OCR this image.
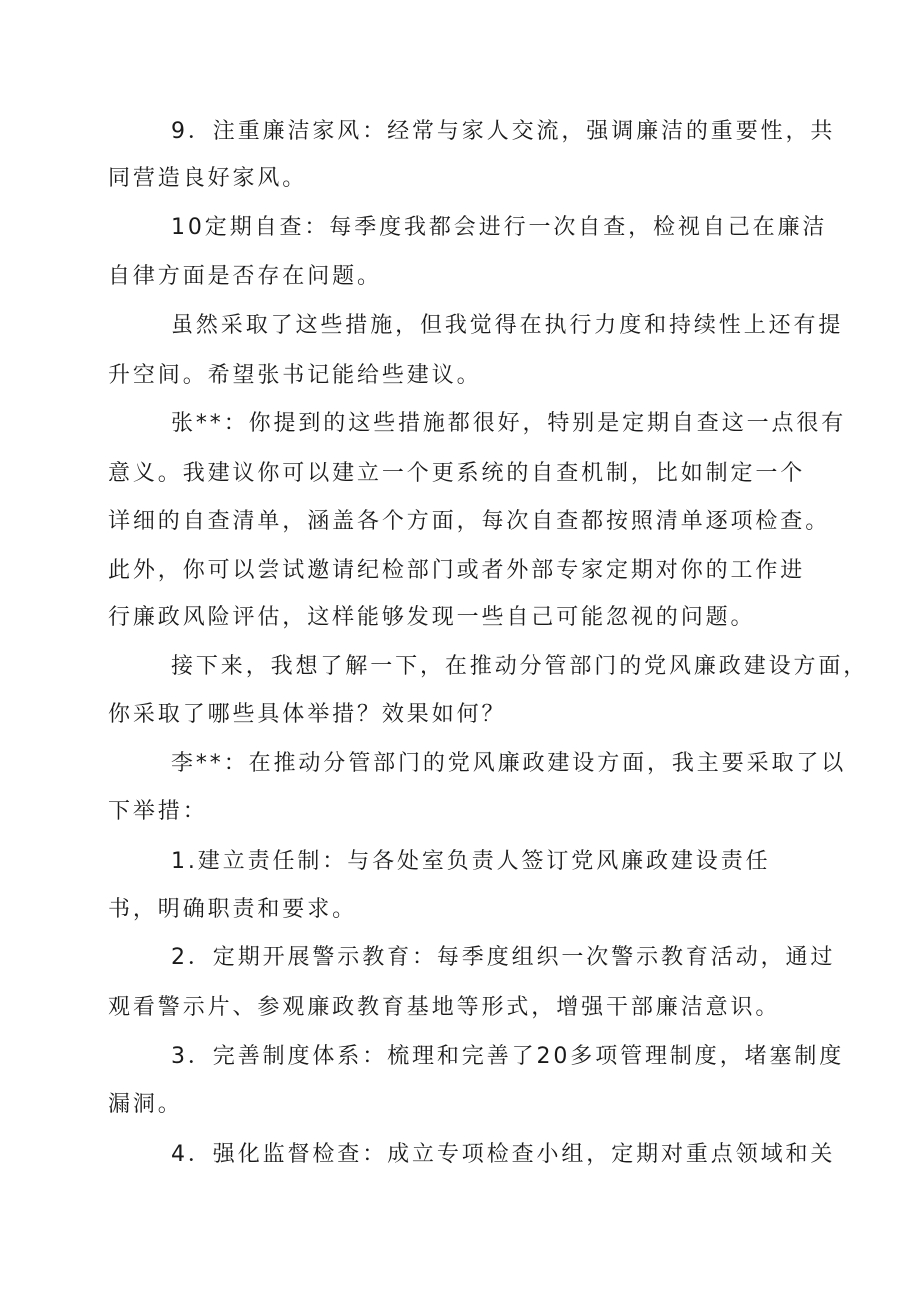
9．注重廉洁家风：经常与家人交流，强调廉洁的重要性，共
同营造良好家风。
10定期自查：每季度我都会进行一次自查，检视自己在廉洁
自律方面是否存在问题。
虽然采取了这些措施，但我觉得在执行力度和持续性上还有提
升空间。希望张书记能给些建议。
张**：你提到的这些措施都很好，特别是定期自查这一点很有
意义。我建议你可以建立一个更系统的自查机制，比如制定一个
详细的自查清单，涵盖各个方面，每次自查都按照清单逐项检查。
此外，你可以尝试邀请纪检部门或者外部专家定期对你的工作进
行廉政风险评估，这样能够发现一些自己可能忽视的问题。
接下来，我想了解一下，在推动分管部门的党风廉政建设方面，
你采取了哪些具体举措？效果如何？
李**：在推动分管部门的党风廉政建设方面，我主要采取了以
下举措：
1.建立责任制：与各处室负责人签订党风廉政建设责任
书，明确职责和要求。
2．定期开展警示教育：每季度组织一次警示教育活动，通过
观看警示片、参观廉政教育基地等形式，增强干部廉洁意识。
3．完善制度体系：梳理和完善了20多项管理制度，堵塞制度
漏洞。
4．强化监督检查：成立专项检查小组，定期对重点领域和关
